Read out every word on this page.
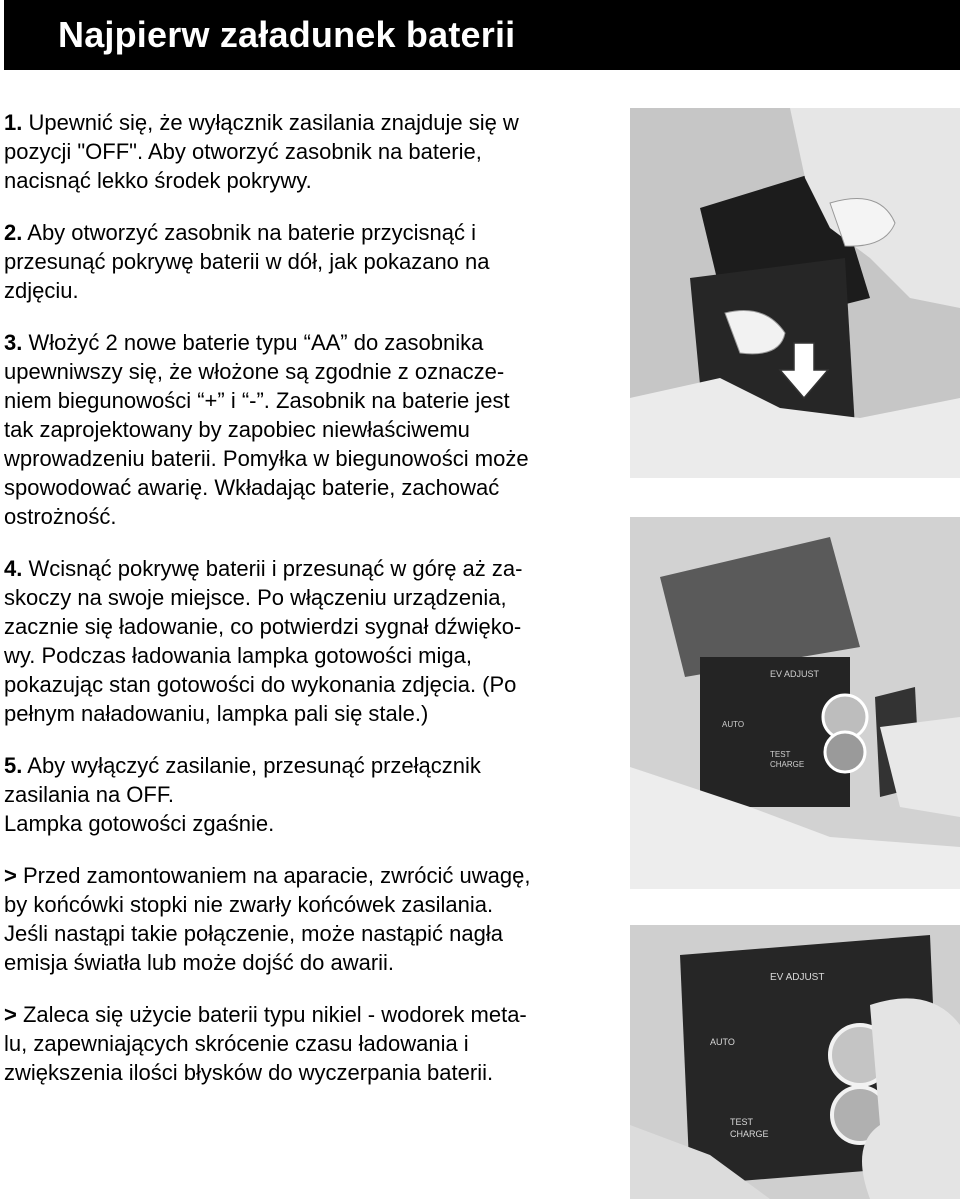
Najpierw załadunek baterii

1. Upewnić się, że wyłącznik zasilania znajduje się w
pozycji "OFF". Aby otworzyć zasobnik na baterie,
nacisnąć lekko środek pokrywy.

2. Aby otworzyć zasobnik na baterie przycisnąć i
przesunąć pokrywę baterii w dół, jak pokazano na
zdjęciu.

3. Włożyć 2 nowe baterie typu “AA” do zasobnika
upewniwszy się, że włożone są zgodnie z oznacze-
niem biegunowości “+” i “-”. Zasobnik na baterie jest
tak zaprojektowany by zapobiec niewłaściwemu
wprowadzeniu baterii. Pomyłka w biegunowości może
spowodować awarię. Wkładając baterie, zachować
ostrożność.

4. Wcisnąć pokrywę baterii i przesunąć w górę aż za-
skoczy na swoje miejsce. Po włączeniu urządzenia,
zacznie się ładowanie, co potwierdzi sygnał dźwięko-
wy. Podczas ładowania lampka gotowości miga,
pokazując stan gotowości do wykonania zdjęcia. (Po
pełnym naładowaniu, lampka pali się stale.)

5. Aby wyłączyć zasilanie, przesunąć przełącznik
zasilania na OFF.
Lampka gotowości zgaśnie.

> Przed zamontowaniem na aparacie, zwrócić uwagę,
by końcówki stopki nie zwarły końcówek zasilania.
Jeśli nastąpi takie połączenie, może nastąpić nagła
emisja światła lub może dojść do awarii.

> Zaleca się użycie baterii typu nikiel - wodorek meta-
lu, zapewniających skrócenie czasu ładowania i
zwiększenia ilości błysków do wyczerpania baterii.

EV ADJUST
AUTO
TEST
CHARGE
EV ADJUST
AUTO
TEST
CHARGE
